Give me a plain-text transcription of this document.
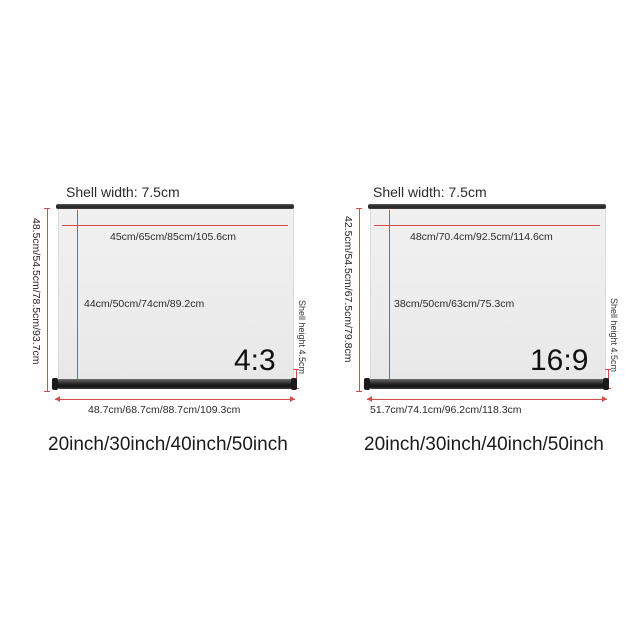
Shell width: 7.5cm
48.5cm/54.5cm/78.5cm/93.7cm	45cm/65cm/85cm/105.6cm
44cm/50cm/74cm/89.2cm
4:3 Shell height 4.5cm
48.7cm/68.7cm/88.7cm/109.3cm
20inch/30inch/40inch/50inch
Shell width: 7.5cm
42.5cm/54.5cm/67.5cm/79.8cm	48cm/70.4cm/92.5cm/114.6cm
38cm/50cm/63cm/75.3cm
16:9 Shell height 4.5cm
51.7cm/74.1cm/96.2cm/118.3cm
20inch/30inch/40inch/50inch
